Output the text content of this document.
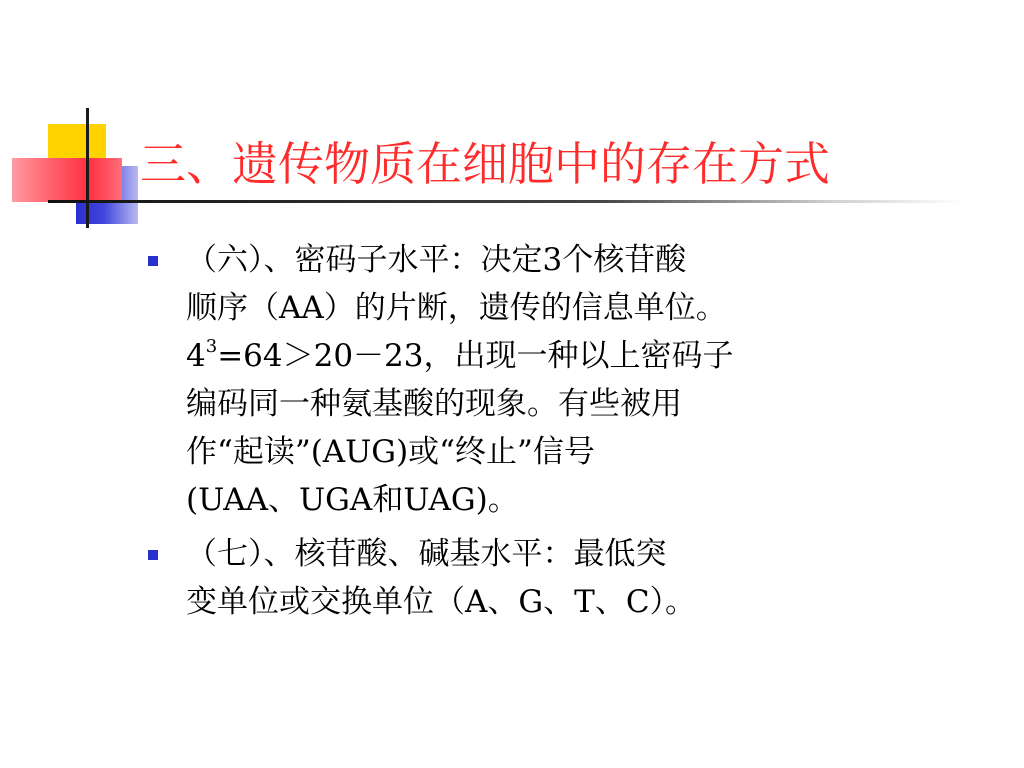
三、遗传物质在细胞中的存在方式
（六）、密码子水平：决定3个核苷酸
顺序（AA）的片断，遗传的信息单位。
$4^3=64>20-23$，出现一种以上密码子
编码同一种氨基酸的现象。有些被用
作“起读”(AUG)或“终止”信号
(UAA、UGA和UAG)。
（七）、核苷酸、碱基水平：最低突
变单位或交换单位（A、G、T、C）。
